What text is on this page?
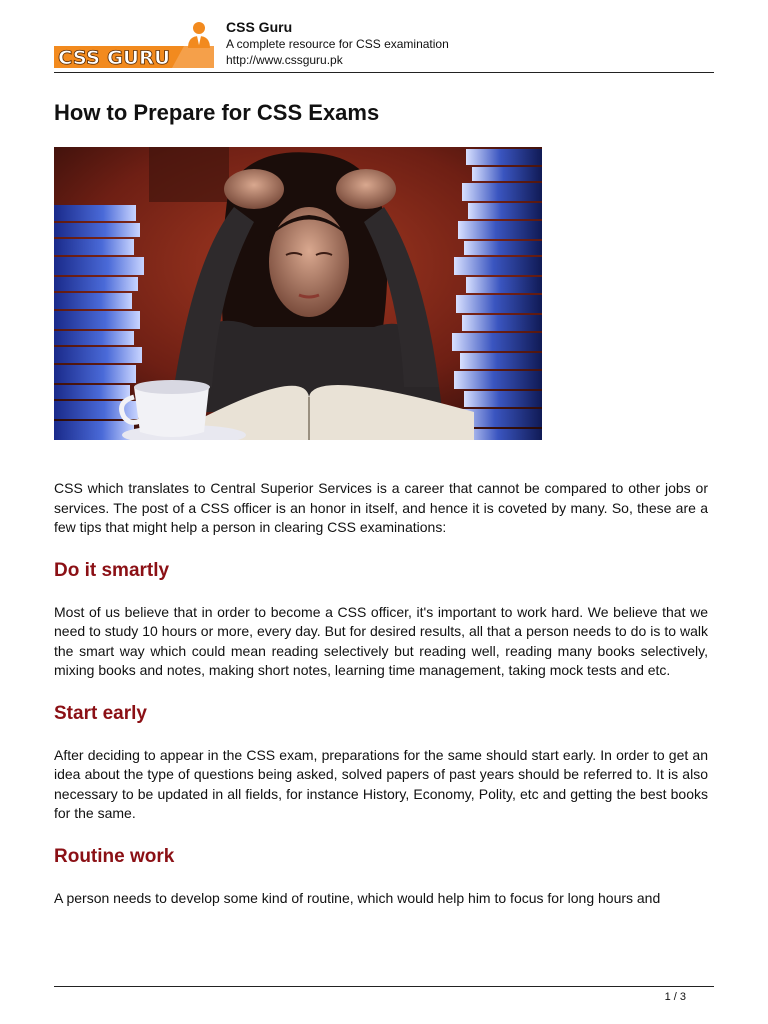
CSS GURU
CSS Guru
A complete resource for CSS examination
http://www.cssguru.pk
How to Prepare for CSS Exams

CSS which translates to Central Superior Services is a career that cannot be compared to other jobs or services. The post of a CSS officer is an honor in itself, and hence it is coveted by many. So, these are a few tips that might help a person in clearing CSS examinations:

Do it smartly

Most of us believe that in order to become a CSS officer, it's important to work hard. We believe that we need to study 10 hours or more, every day. But for desired results, all that a person needs to do is to walk the smart way which could mean reading selectively but reading well, reading many books selectively, mixing books and notes, making short notes, learning time management, taking mock tests and etc.

Start early

After deciding to appear in the CSS exam, preparations for the same should start early. In order to get an idea about the type of questions being asked, solved papers of past years should be referred to. It is also necessary to be updated in all fields, for instance History, Economy, Polity, etc and getting the best books for the same.

Routine work

A person needs to develop some kind of routine, which would help him to focus for long hours and

1 / 3
